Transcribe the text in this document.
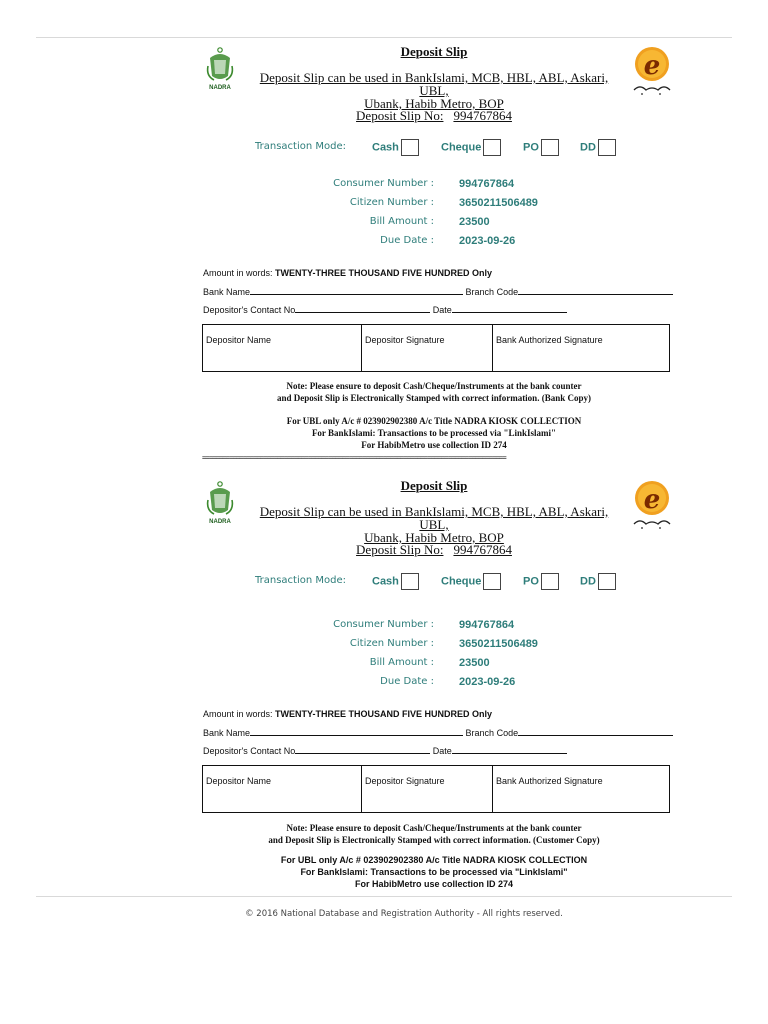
NADRA
e
Deposit Slip
Deposit Slip can be used in BankIslami, MCB, HBL, ABL, Askari, UBL,
Ubank, Habib Metro, BOP
Deposit Slip No: 994767864
Transaction Mode: Cash	Cheque	PO	DD
Consumer Number : 994767864
Citizen Number : 3650211506489
Bill Amount : 23500
Due Date : 2023-09-26
Amount in words: TWENTY-THREE THOUSAND FIVE HUNDRED Only
Bank Name	Branch Code
Depositor's Contact No	Date
Depositor Name	Depositor Signature	Bank Authorized Signature
Note: Please ensure to deposit Cash/Cheque/Instruments at the bank counter
and Deposit Slip is Electronically Stamped with correct information. (Bank Copy)
For UBL only A/c # 023902902380 A/c Title NADRA KIOSK COLLECTION
For BankIslami: Transactions to be processed via "LinkIslami"
For HabibMetro use collection ID 274
=========================================================================================
NADRA
e
Deposit Slip
Deposit Slip can be used in BankIslami, MCB, HBL, ABL, Askari, UBL,
Ubank, Habib Metro, BOP
Deposit Slip No: 994767864
Transaction Mode: Cash	Cheque	PO	DD
Consumer Number : 994767864
Citizen Number : 3650211506489
Bill Amount : 23500
Due Date : 2023-09-26
Amount in words: TWENTY-THREE THOUSAND FIVE HUNDRED Only
Bank Name	Branch Code
Depositor's Contact No	Date
Depositor Name	Depositor Signature	Bank Authorized Signature
Note: Please ensure to deposit Cash/Cheque/Instruments at the bank counter
and Deposit Slip is Electronically Stamped with correct information. (Customer Copy)
For UBL only A/c # 023902902380 A/c Title NADRA KIOSK COLLECTION
For BankIslami: Transactions to be processed via "LinkIslami"
For HabibMetro use collection ID 274
© 2016 National Database and Registration Authority - All rights reserved.
